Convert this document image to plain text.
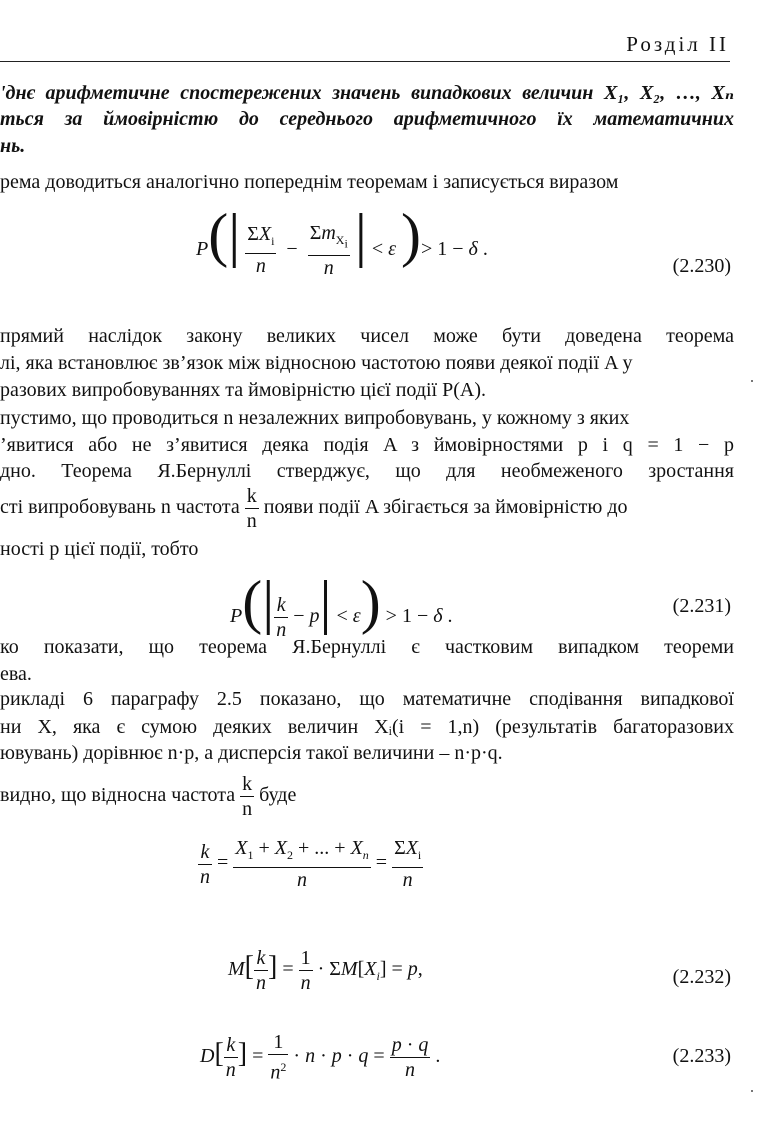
Розділ II
'днє арифметичне спостережених значень випадкових величин X₁, X₂, …, Xₙ
ться за ймовірністю до середнього арифметичного їх математичних
нь.
рема доводиться аналогічно попереднім теоремам і записується виразом
$P(| \frac{\Sigma X_i}{n} - \frac{\Sigma m_{X_i}}{n}$ | < ε )> 1 − δ .
(2.230)
прямий наслідок закону великих чисел може бути доведена теорема
лі, яка встановлює зв’язок між відносною частотою появи деякої події A у
разових випробовуваннях та ймовірністю цієї події P(A).
пустимо, що проводиться n незалежних випробовувань, у кожному з яких
’явитися або не з’явитися деяка подія A з ймовірностями p і q = 1 − p
дно. Теорема Я.Бернуллі стверджує, що для необмеженого зростання
сті випробовувань n частота $\frac{k}{n}$ появи події A збігається за ймовірністю до
ності p цієї події, тобто
$P(| \frac{k}{n} - p| < \varepsilon) > 1 - \delta$ .	(2.231)
ко показати, що теорема Я.Бернуллі є частковим випадком теореми
ева.
рикладі 6 параграфу 2.5 показано, що математичне сподівання випадкової
ни X, яка є сумою деяких величин Xᵢ(i = 1,n) (результатів багаторазових
ювувань) дорівнює n·p, а дисперсія такої величини – n·p·q.
видно, що відносна частота $\frac{k}{n}$ буде
$\frac{k}{n} = \frac{X_1 + X_2 + ... + X_n}{n} = \frac{\Sigma X_i}{n}$
$M[ \frac{k}{n}$ ] = $\frac{1}{n} \cdot \Sigma M[X_i] = p$,	(2.232)
$D[ \frac{k}{n}$ ] = $\frac{1}{n^2} \cdot n \cdot p \cdot q = \frac{p \cdot q}{n}$ .	(2.233)
